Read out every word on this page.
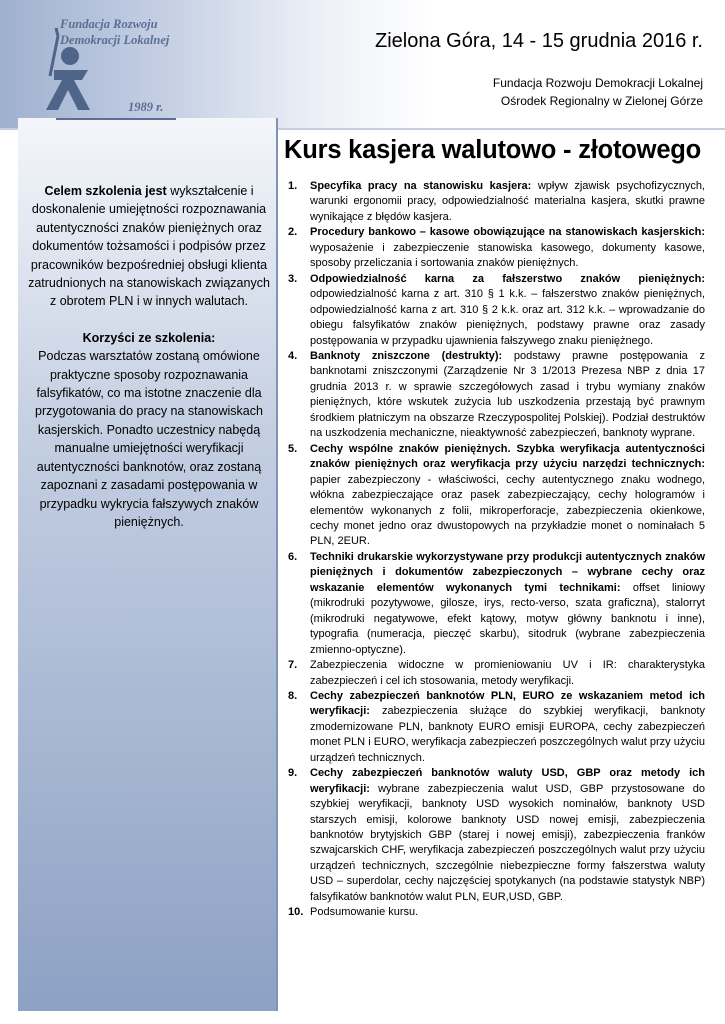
Fundacja Rozwoju
Demokracji Lokalnej
1989 r.
Zielona Góra, 14 - 15 grudnia 2016 r.
Fundacja Rozwoju Demokracji Lokalnej
Ośrodek Regionalny w Zielonej Górze
Kurs kasjera walutowo - złotowego

Celem szkolenia jest wykształcenie i doskonalenie umiejętności rozpoznawania autentyczności znaków pieniężnych oraz dokumentów tożsamości i podpisów przez pracowników bezpośredniej obsługi klienta zatrudnionych na stanowiskach związanych z obrotem PLN i w innych walutach.

Korzyści ze szkolenia:
Podczas warsztatów zostaną omówione praktyczne sposoby rozpoznawania falsyfikatów, co ma istotne znaczenie dla przygotowania do pracy na stanowiskach kasjerskich. Ponadto uczestnicy nabędą manualne umiejętności weryfikacji autentyczności banknotów, oraz zostaną zapoznani z zasadami postępowania w przypadku wykrycia fałszywych znaków pieniężnych.

1. Specyfika pracy na stanowisku kasjera: wpływ zjawisk psychofizycznych, warunki ergonomii pracy, odpowiedzialność materialna kasjera, skutki prawne wynikające z błędów kasjera.
2. Procedury bankowo – kasowe obowiązujące na stanowiskach kasjerskich: wyposażenie i zabezpieczenie stanowiska kasowego, dokumenty kasowe, sposoby przeliczania i sortowania znaków pieniężnych.
3. Odpowiedzialność karna za fałszerstwo znaków pieniężnych: odpowiedzialność karna z art. 310 § 1 k.k. – fałszerstwo znaków pieniężnych, odpowiedzialność karna z art. 310 § 2 k.k. oraz art. 312 k.k. – wprowadzanie do obiegu falsyfikatów znaków pieniężnych, podstawy prawne oraz zasady postępowania w przypadku ujawnienia fałszywego znaku pieniężnego.
4. Banknoty zniszczone (destrukty): podstawy prawne postępowania z banknotami zniszczonymi (Zarządzenie Nr 3 1/2013 Prezesa NBP z dnia 17 grudnia 2013 r. w sprawie szczegółowych zasad i trybu wymiany znaków pieniężnych, które wskutek zużycia lub uszkodzenia przestają być prawnym środkiem płatniczym na obszarze Rzeczypospolitej Polskiej). Podział destruktów na uszkodzenia mechaniczne, nieaktywność zabezpieczeń, banknoty wyprane.
5. Cechy wspólne znaków pieniężnych. Szybka weryfikacja autentyczności znaków pieniężnych oraz weryfikacja przy użyciu narzędzi technicznych: papier zabezpieczony - właściwości, cechy autentycznego znaku wodnego, włókna zabezpieczające oraz pasek zabezpieczający, cechy hologramów i elementów wykonanych z folii, mikroperforacje, zabezpieczenia okienkowe, cechy monet jedno oraz dwustopowych na przykładzie monet o nominałach 5 PLN, 2EUR.
6. Techniki drukarskie wykorzystywane przy produkcji autentycznych znaków pieniężnych i dokumentów zabezpieczonych – wybrane cechy oraz wskazanie elementów wykonanych tymi technikami: offset liniowy (mikrodruki pozytywowe, gilosze, irys, recto-verso, szata graficzna), stalorryt (mikrodruki negatywowe, efekt kątowy, motyw główny banknotu i inne), typografia (numeracja, pieczęć skarbu), sitodruk (wybrane zabezpieczenia zmienno-optyczne).
7. Zabezpieczenia widoczne w promieniowaniu UV i IR: charakterystyka zabezpieczeń i cel ich stosowania, metody weryfikacji.
8. Cechy zabezpieczeń banknotów PLN, EURO ze wskazaniem metod ich weryfikacji: zabezpieczenia służące do szybkiej weryfikacji, banknoty zmodernizowane PLN, banknoty EURO emisji EUROPA, cechy zabezpieczeń monet PLN i EURO, weryfikacja zabezpieczeń poszczególnych walut przy użyciu urządzeń technicznych.
9. Cechy zabezpieczeń banknotów waluty USD, GBP oraz metody ich weryfikacji: wybrane zabezpieczenia walut USD, GBP przystosowane do szybkiej weryfikacji, banknoty USD wysokich nominałów, banknoty USD starszych emisji, kolorowe banknoty USD nowej emisji, zabezpieczenia banknotów brytyjskich GBP (starej i nowej emisji), zabezpieczenia franków szwajcarskich CHF, weryfikacja zabezpieczeń poszczególnych walut przy użyciu urządzeń technicznych, szczególnie niebezpieczne formy fałszerstwa waluty USD – superdolar, cechy najczęściej spotykanych (na podstawie statystyk NBP) falsyfikatów banknotów walut PLN, EUR,USD, GBP.
10. Podsumowanie kursu.
